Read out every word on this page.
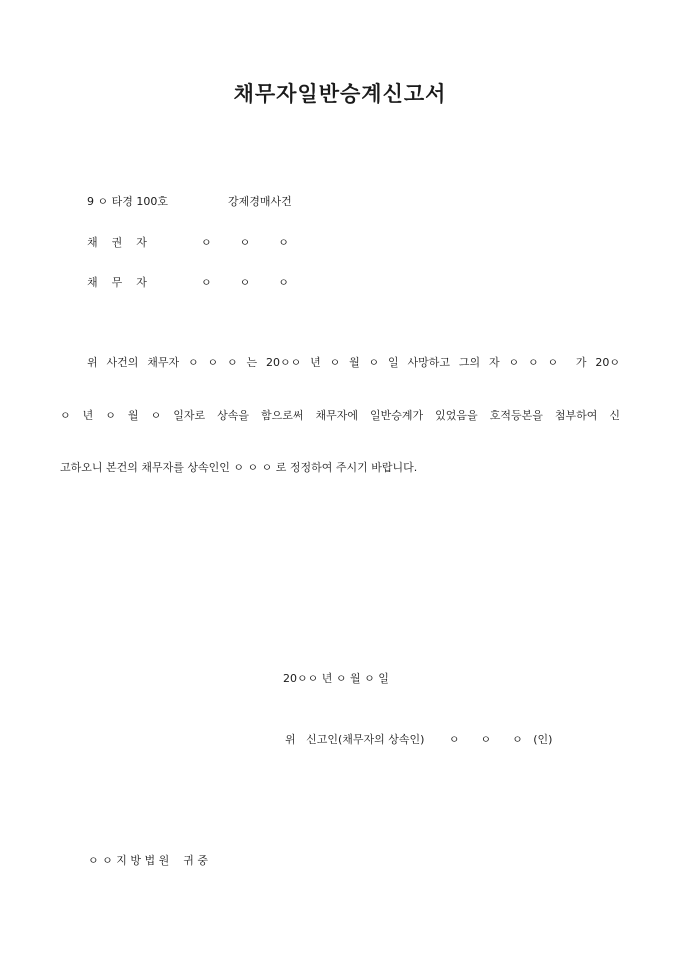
채무자일반승계신고서
9 ㅇ 타경 100호	강제경매사건
채    권    자	ㅇ        ㅇ        ㅇ
채    무    자	ㅇ        ㅇ        ㅇ
위 사건의 채무자 ㅇ ㅇ ㅇ 는 20ㅇㅇ 년 ㅇ 월 ㅇ 일 사망하고 그의 자 ㅇ ㅇ ㅇ  가 20ㅇ
ㅇ 년 ㅇ 월 ㅇ 일자로 상속을 함으로써 채무자에 일반승계가 있었음을 호적등본을 첨부하여 신
고하오니 본건의 채무자를 상속인인 ㅇ ㅇ ㅇ 로 정정하여 주시기 바랍니다.
20ㅇㅇ 년 ㅇ 월 ㅇ 일
위   신고인(채무자의 상속인)       ㅇ      ㅇ      ㅇ   (인)
ㅇ ㅇ 지 방 법 원    귀 중
